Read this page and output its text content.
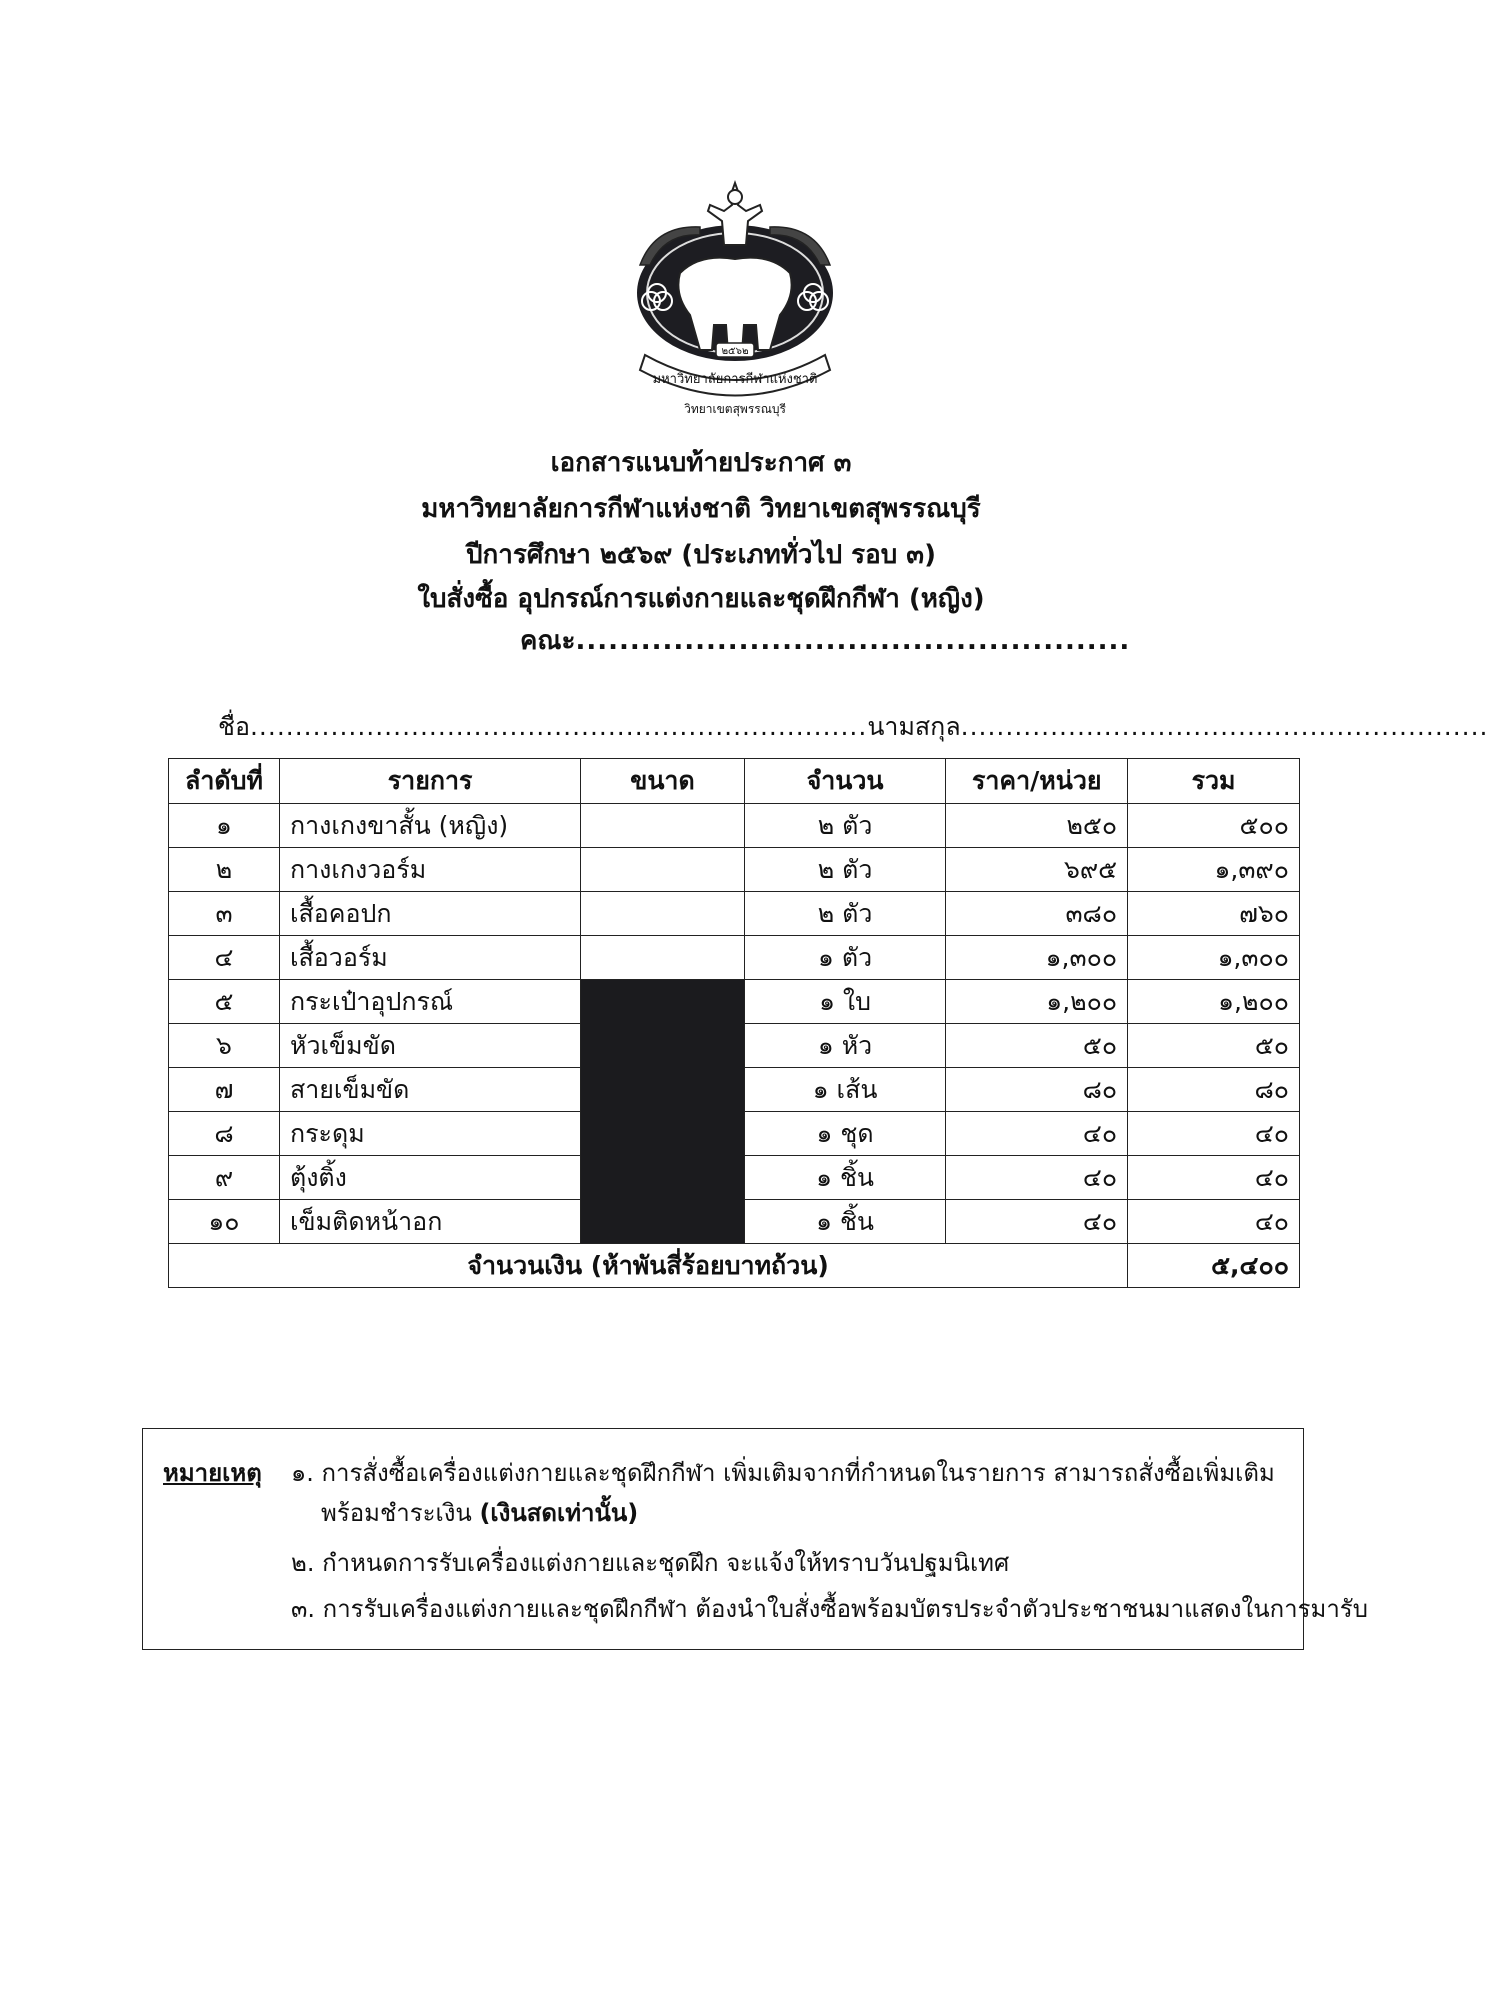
๒๕๖๒
มหาวิทยาลัยการกีฬาแห่งชาติ
วิทยาเขตสุพรรณบุรี
เอกสารแนบท้ายประกาศ ๓
มหาวิทยาลัยการกีฬาแห่งชาติ วิทยาเขตสุพรรณบุรี
ปีการศึกษา ๒๕๖๙ (ประเภททั่วไป รอบ ๓)
ใบสั่งซื้อ อุปกรณ์การแต่งกายและชุดฝึกกีฬา (หญิง)
คณะ...................................................
ชื่อ.....................................................................นามสกุล...........................................................
ลำดับที่	รายการ	ขนาด	จำนวน	ราคา/หน่วย	รวม
๑	กางเกงขาสั้น (หญิง)		๒ ตัว	๒๕๐	๕๐๐
๒	กางเกงวอร์ม		๒ ตัว	๖๙๕	๑,๓๙๐
๓	เสื้อคอปก		๒ ตัว	๓๘๐	๗๖๐
๔	เสื้อวอร์ม		๑ ตัว	๑,๓๐๐	๑,๓๐๐
๕	กระเป๋าอุปกรณ์		๑ ใบ	๑,๒๐๐	๑,๒๐๐
๖	หัวเข็มขัด		๑ หัว	๕๐	๕๐
๗	สายเข็มขัด		๑ เส้น	๘๐	๘๐
๘	กระดุม		๑ ชุด	๔๐	๔๐
๙	ตุ้งติ้ง		๑ ชิ้น	๔๐	๔๐
๑๐	เข็มติดหน้าอก		๑ ชิ้น	๔๐	๔๐
จำนวนเงิน (ห้าพันสี่ร้อยบาทถ้วน)					๕,๔๐๐
หมายเหตุ ๑. การสั่งซื้อเครื่องแต่งกายและชุดฝึกกีฬา เพิ่มเติมจากที่กำหนดในรายการ สามารถสั่งซื้อเพิ่มเติม
พร้อมชำระเงิน (เงินสดเท่านั้น)
๒. กำหนดการรับเครื่องแต่งกายและชุดฝึก จะแจ้งให้ทราบวันปฐมนิเทศ
๓. การรับเครื่องแต่งกายและชุดฝึกกีฬา ต้องนำใบสั่งซื้อพร้อมบัตรประจำตัวประชาชนมาแสดงในการมารับ
